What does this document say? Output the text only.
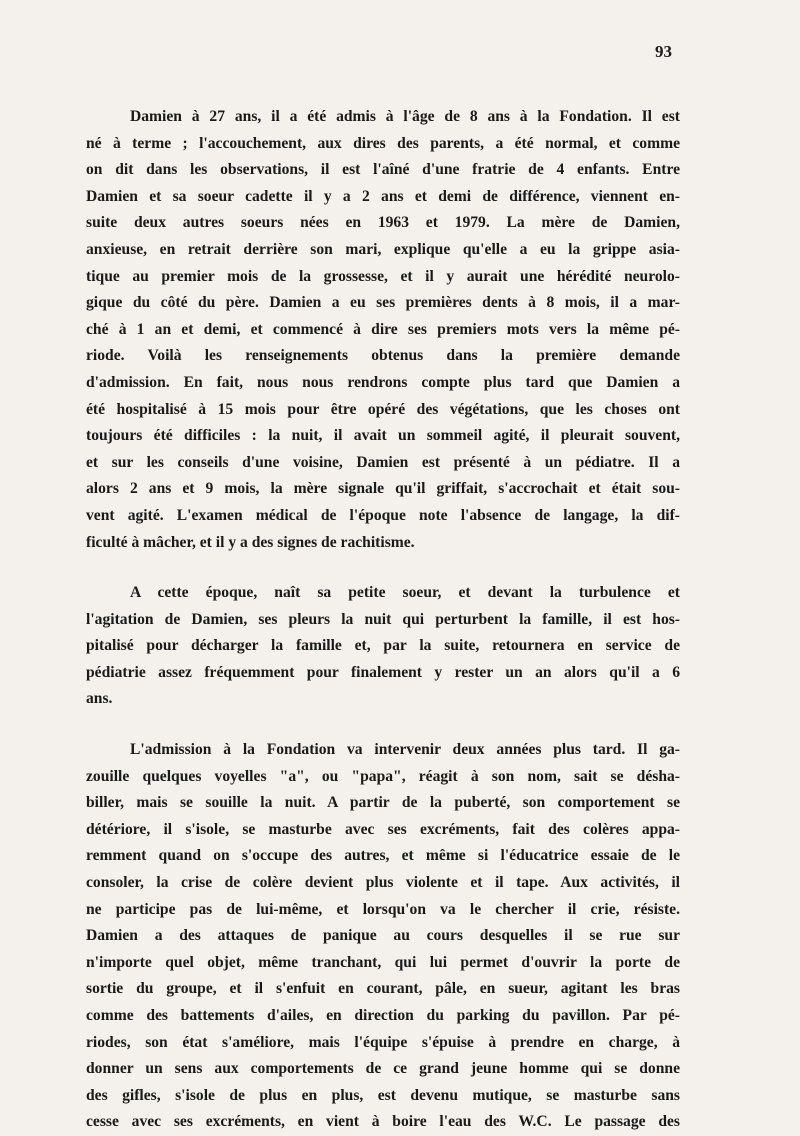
93

Damien à 27 ans, il a été admis à l'âge de 8 ans à la Fondation. Il est
né à terme ; l'accouchement, aux dires des parents, a été normal, et comme
on dit dans les observations, il est l'aîné d'une fratrie de 4 enfants. Entre
Damien et sa soeur cadette il y a 2 ans et demi de différence, viennent en-
suite deux autres soeurs nées en 1963 et 1979. La mère de Damien,
anxieuse, en retrait derrière son mari, explique qu'elle a eu la grippe asia-
tique au premier mois de la grossesse, et il y aurait une hérédité neurolo-
gique du côté du père. Damien a eu ses premières dents à 8 mois, il a mar-
ché à 1 an et demi, et commencé à dire ses premiers mots vers la même pé-
riode. Voilà les renseignements obtenus dans la première demande
d'admission. En fait, nous nous rendrons compte plus tard que Damien a
été hospitalisé à 15 mois pour être opéré des végétations, que les choses ont
toujours été difficiles : la nuit, il avait un sommeil agité, il pleurait souvent,
et sur les conseils d'une voisine, Damien est présenté à un pédiatre. Il a
alors 2 ans et 9 mois, la mère signale qu'il griffait, s'accrochait et était sou-
vent agité. L'examen médical de l'époque note l'absence de langage, la dif-
ficulté à mâcher, et il y a des signes de rachitisme.

A cette époque, naît sa petite soeur, et devant la turbulence et
l'agitation de Damien, ses pleurs la nuit qui perturbent la famille, il est hos-
pitalisé pour décharger la famille et, par la suite, retournera en service de
pédiatrie assez fréquemment pour finalement y rester un an alors qu'il a 6
ans.

L'admission à la Fondation va intervenir deux années plus tard. Il ga-
zouille quelques voyelles "a", ou "papa", réagit à son nom, sait se désha-
biller, mais se souille la nuit. A partir de la puberté, son comportement se
détériore, il s'isole, se masturbe avec ses excréments, fait des colères appa-
remment quand on s'occupe des autres, et même si l'éducatrice essaie de le
consoler, la crise de colère devient plus violente et il tape. Aux activités, il
ne participe pas de lui-même, et lorsqu'on va le chercher il crie, résiste.
Damien a des attaques de panique au cours desquelles il se rue sur
n'importe quel objet, même tranchant, qui lui permet d'ouvrir la porte de
sortie du groupe, et il s'enfuit en courant, pâle, en sueur, agitant les bras
comme des battements d'ailes, en direction du parking du pavillon. Par pé-
riodes, son état s'améliore, mais l'équipe s'épuise à prendre en charge, à
donner un sens aux comportements de ce grand jeune homme qui se donne
des gifles, s'isole de plus en plus, est devenu mutique, se masturbe sans
cesse avec ses excréments, en vient à boire l'eau des W.C. Le passage des
